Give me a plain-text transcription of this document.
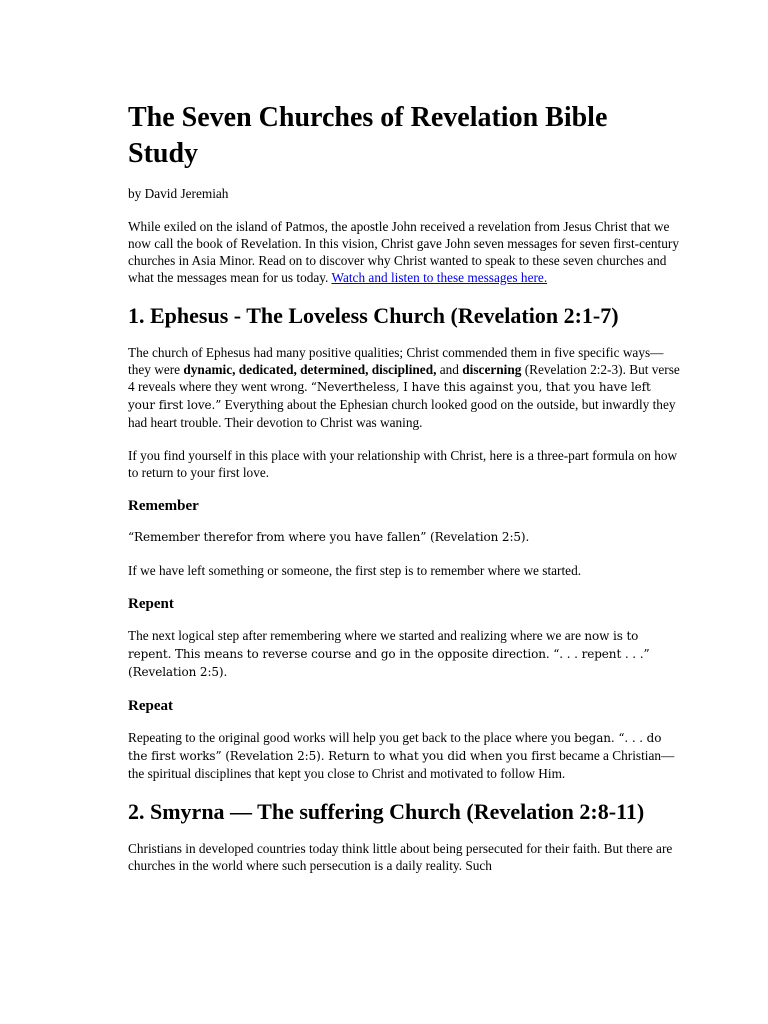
The Seven Churches of Revelation Bible Study

by David Jeremiah

While exiled on the island of Patmos, the apostle John received a revelation from Jesus Christ that we now call the book of Revelation. In this vision, Christ gave John seven messages for seven first-century churches in Asia Minor. Read on to discover why Christ wanted to speak to these seven churches and what the messages mean for us today. Watch and listen to these messages here.

1. Ephesus - The Loveless Church (Revelation 2:1-7)

The church of Ephesus had many positive qualities; Christ commended them in five specific ways—they were dynamic, dedicated, determined, disciplined, and discerning (Revelation 2:2-3). But verse 4 reveals where they went wrong. “Nevertheless, I have this against you, that you have left your first love.” Everything about the Ephesian church looked good on the outside, but inwardly they had heart trouble. Their devotion to Christ was waning.

If you find yourself in this place with your relationship with Christ, here is a three-part formula on how to return to your first love.

Remember

“Remember therefor from where you have fallen” (Revelation 2:5).

If we have left something or someone, the first step is to remember where we started.

Repent

The next logical step after remembering where we started and realizing where we are now is to repent. This means to reverse course and go in the opposite direction. “. . . repent . . .” (Revelation 2:5).

Repeat

Repeating to the original good works will help you get back to the place where you began. “. . . do the first works” (Revelation 2:5). Return to what you did when you first became a Christian—the spiritual disciplines that kept you close to Christ and motivated to follow Him.

2. Smyrna — The suffering Church (Revelation 2:8-11)

Christians in developed countries today think little about being persecuted for their faith. But there are churches in the world where such persecution is a daily reality. Such
